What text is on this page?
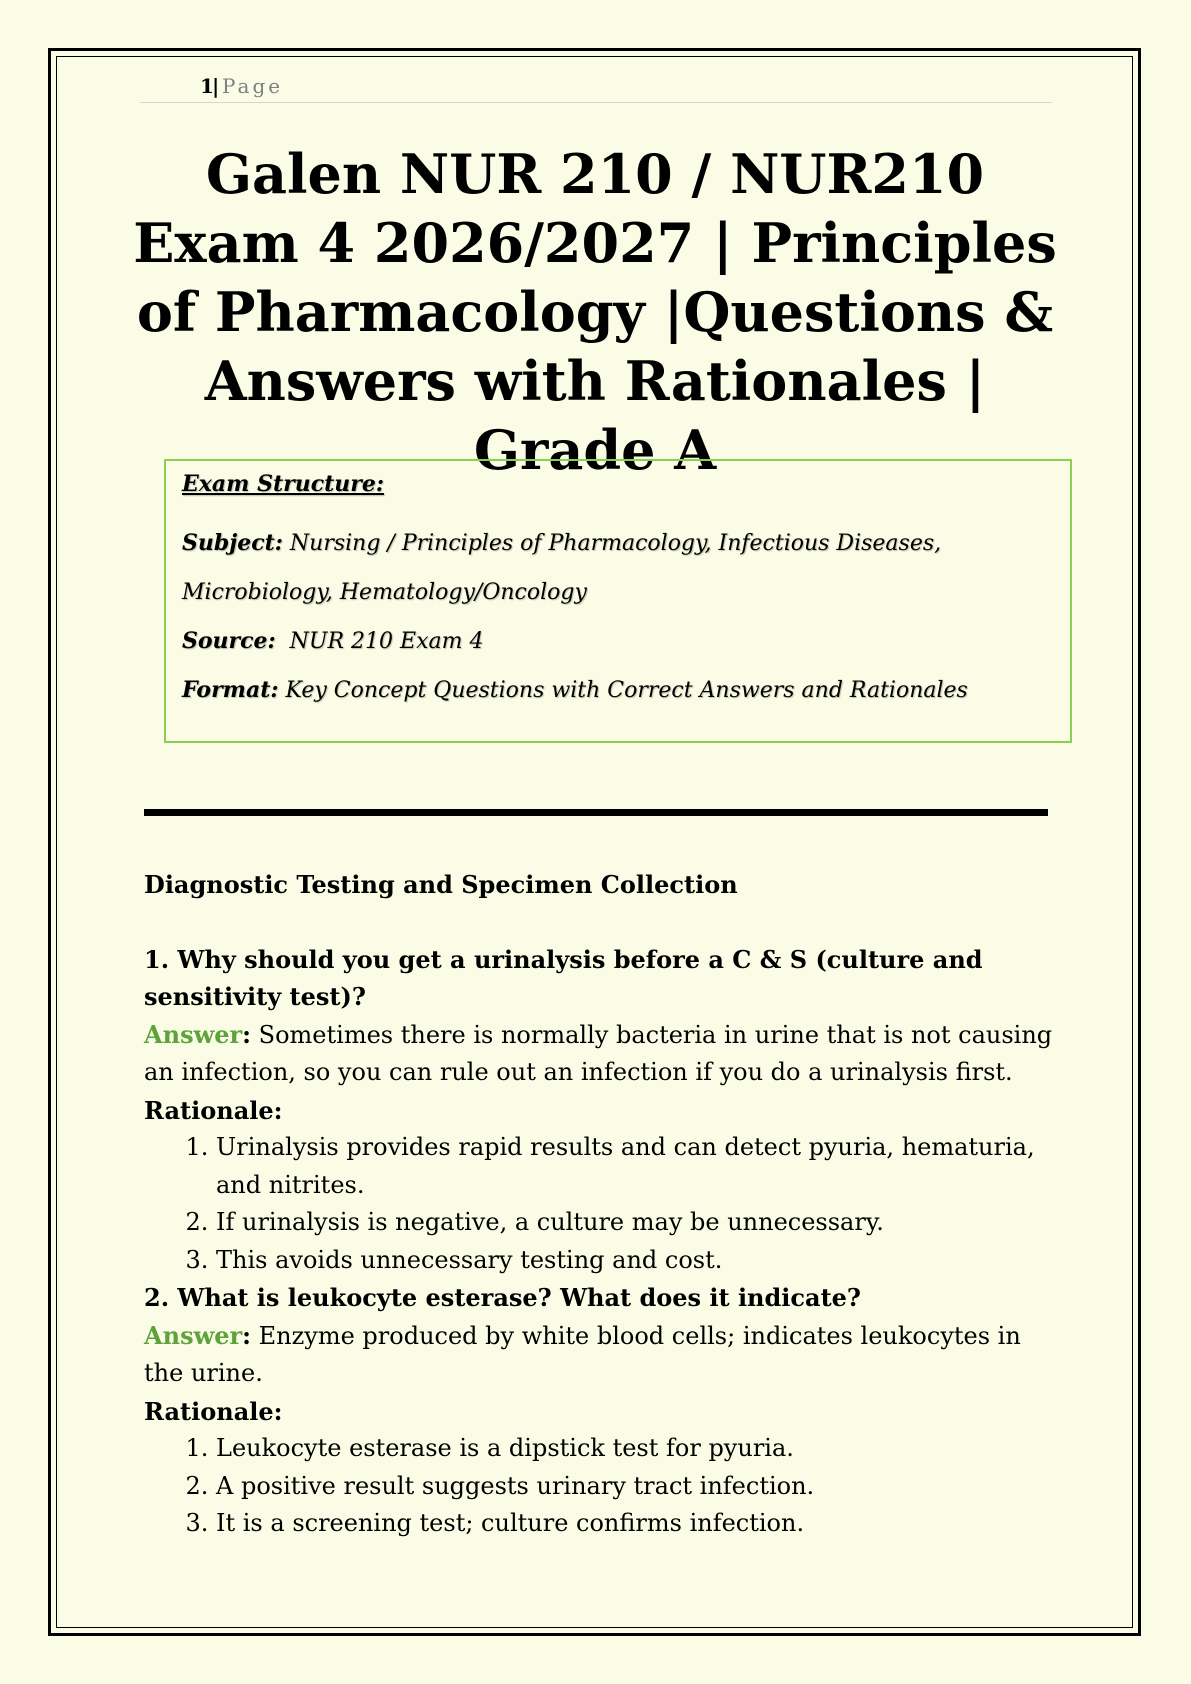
1
| Page
Galen NUR 210 / NUR210 Exam 4 2026/2027 | Principles of Pharmacology |Questions & Answers with Rationales | Grade A
Exam Structure:

Subject: Nursing / Principles of Pharmacology, Infectious Diseases, Microbiology, Hematology/Oncology

Source: NUR 210 Exam 4

Format: Key Concept Questions with Correct Answers and Rationales

Diagnostic Testing and Specimen Collection

1. Why should you get a urinalysis before a C & S (culture and sensitivity test)?

Answer: Sometimes there is normally bacteria in urine that is not causing an infection, so you can rule out an infection if you do a urinalysis first.

Rationale:

1. Urinalysis provides rapid results and can detect pyuria, hematuria, and nitrites.
2. If urinalysis is negative, a culture may be unnecessary.
3. This avoids unnecessary testing and cost.

2. What is leukocyte esterase? What does it indicate?

Answer: Enzyme produced by white blood cells; indicates leukocytes in the urine.

Rationale:

1. Leukocyte esterase is a dipstick test for pyuria.
2. A positive result suggests urinary tract infection.
3. It is a screening test; culture confirms infection.
